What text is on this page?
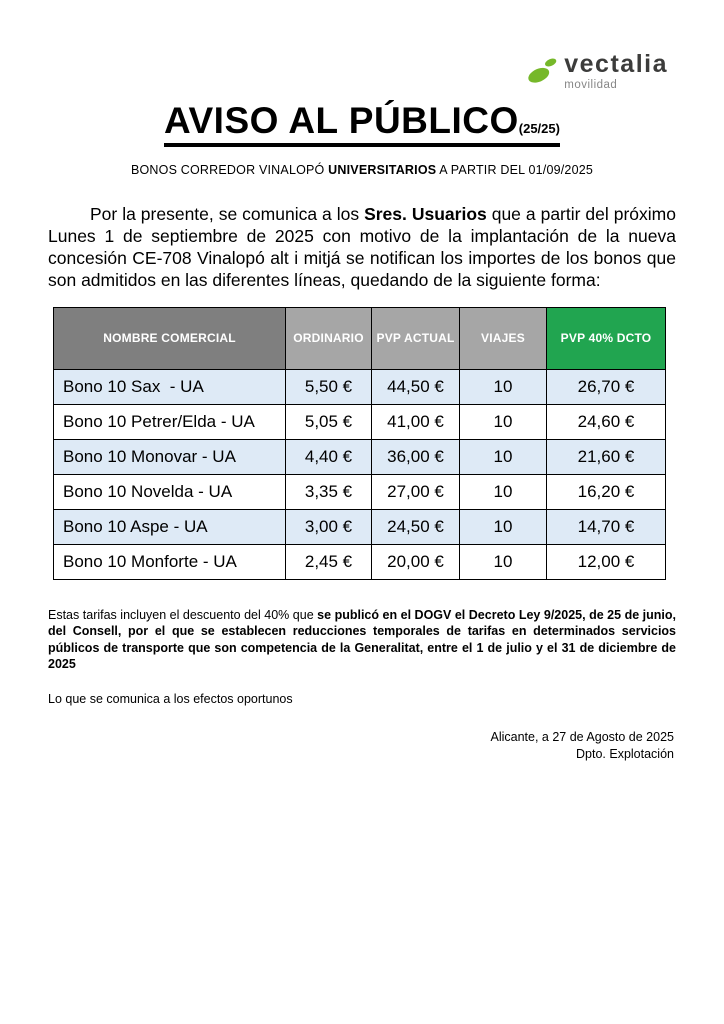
vectalia
movilidad
AVISO AL PÚBLICO(25/25)
BONOS CORREDOR VINALOPÓ UNIVERSITARIOS A PARTIR DEL 01/09/2025

Por la presente, se comunica a los Sres. Usuarios que a partir del próximo Lunes 1 de septiembre de 2025 con motivo de la implantación de la nueva concesión CE-708 Vinalopó alt i mitjá se notifican los importes de los bonos que son admitidos en las diferentes líneas, quedando de la siguiente forma:

NOMBRE COMERCIAL	ORDINARIO	PVP ACTUAL	VIAJES	PVP 40% DCTO
Bono 10 Sax  - UA	5,50 €	44,50 €	10	26,70 €
Bono 10 Petrer/Elda - UA	5,05 €	41,00 €	10	24,60 €
Bono 10 Monovar - UA	4,40 €	36,00 €	10	21,60 €
Bono 10 Novelda - UA	3,35 €	27,00 €	10	16,20 €
Bono 10 Aspe - UA	3,00 €	24,50 €	10	14,70 €
Bono 10 Monforte - UA	2,45 €	20,00 €	10	12,00 €

Estas tarifas incluyen el descuento del 40% que se publicó en el DOGV el Decreto Ley 9/2025, de 25 de junio, del Consell, por el que se establecen reducciones temporales de tarifas en determinados servicios públicos de transporte que son competencia de la Generalitat, entre el 1 de julio y el 31 de diciembre de 2025

Lo que se comunica a los efectos oportunos

Alicante, a 27 de Agosto de 2025
Dpto. Explotación
